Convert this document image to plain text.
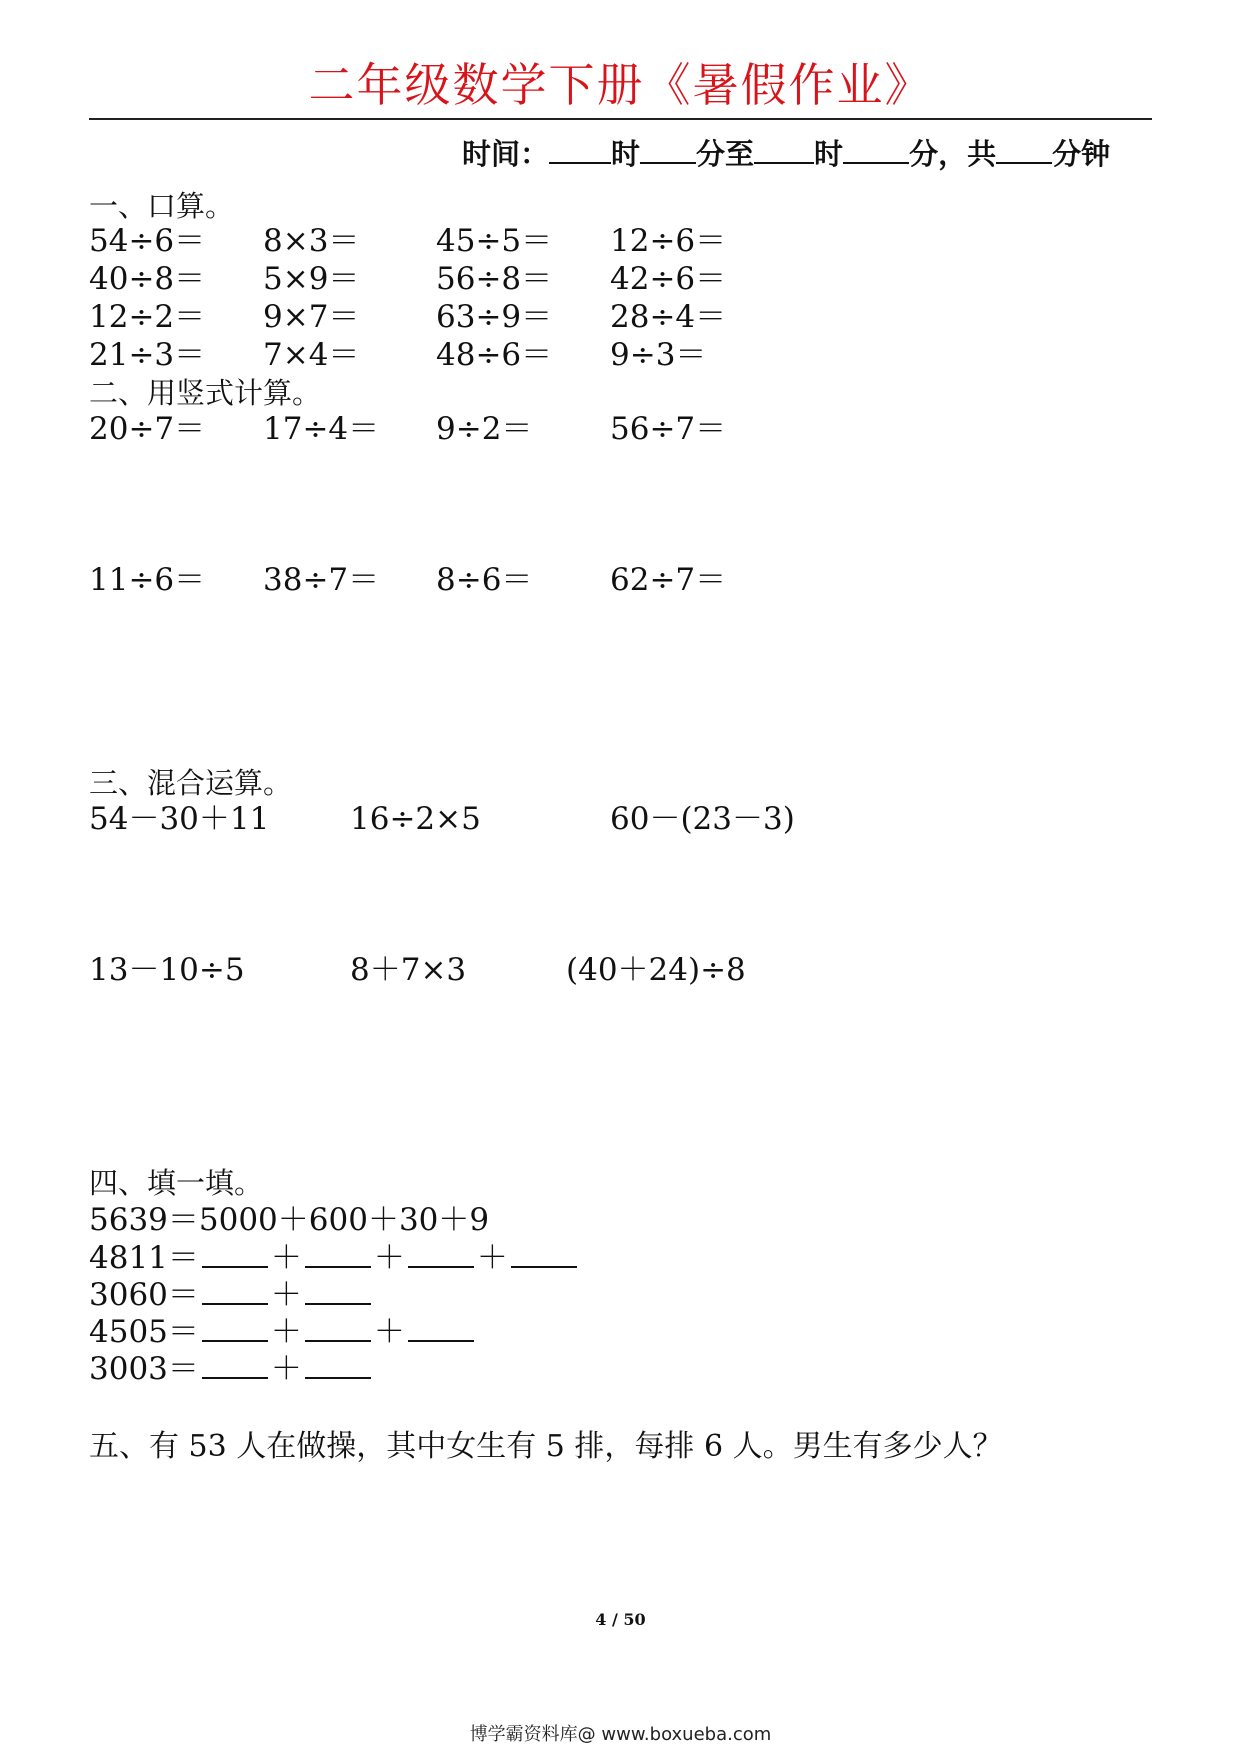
二年级数学下册《暑假作业》
时间： 时 分至 时 分，共 分钟
一、口算。
54÷6＝ 8×3＝ 45÷5＝ 12÷6＝
40÷8＝ 5×9＝ 56÷8＝ 42÷6＝
12÷2＝ 9×7＝ 63÷9＝ 28÷4＝
21÷3＝ 7×4＝ 48÷6＝ 9÷3＝
二、用竖式计算。
20÷7＝ 17÷4＝ 9÷2＝	56÷7＝
11÷6＝ 38÷7＝ 8÷6＝	62÷7＝
三、混合运算。
54－30＋11	16÷2×5	60－(23－3)
13－10÷5	8＋7×3	(40＋24)÷8
四、填一填。
5639＝5000＋600＋30＋9
4811＝ ＋ ＋ ＋
3060＝ ＋
4505＝ ＋ ＋
3003＝ ＋
五、有 53 人在做操，其中女生有 5 排，每排 6 人。男生有多少人？
4 / 50
博学霸资料库@ www.boxueba.com
